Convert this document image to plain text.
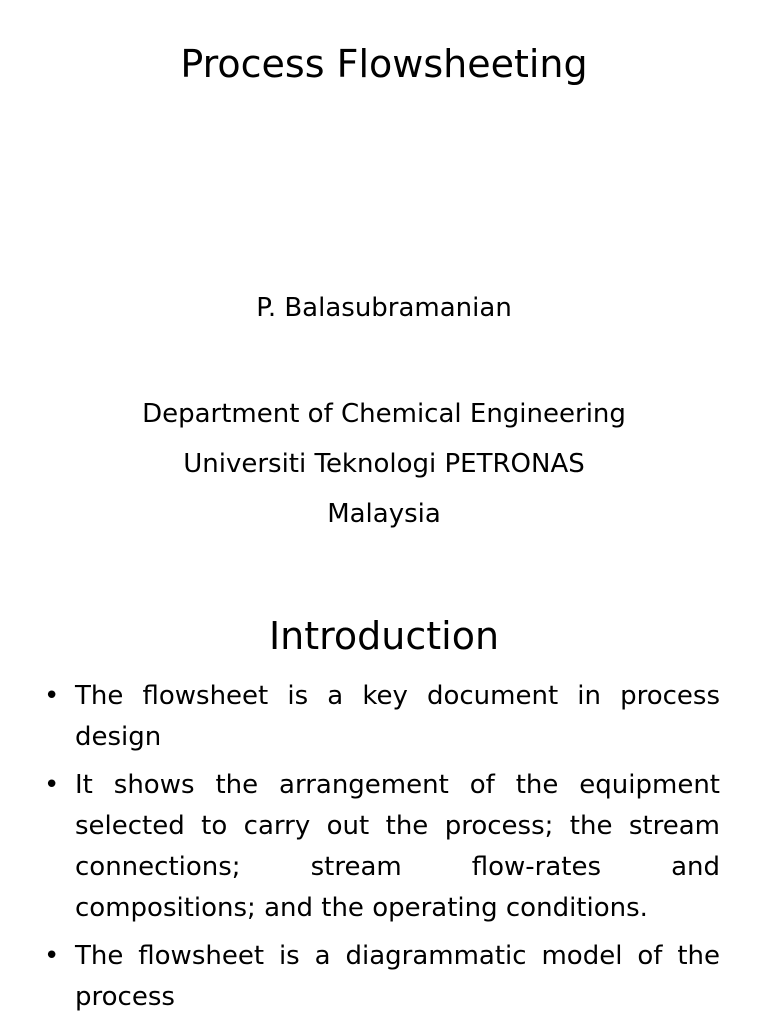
Process Flowsheeting
P. Balasubramanian
Department of Chemical Engineering
Universiti Teknologi PETRONAS
Malaysia
Introduction
• The flowsheet is a key document in process design
• It shows the arrangement of the equipment selected to carry out the process; the stream connections; stream flow-rates and compositions; and the operating conditions.
• The flowsheet is a diagrammatic model of the process
